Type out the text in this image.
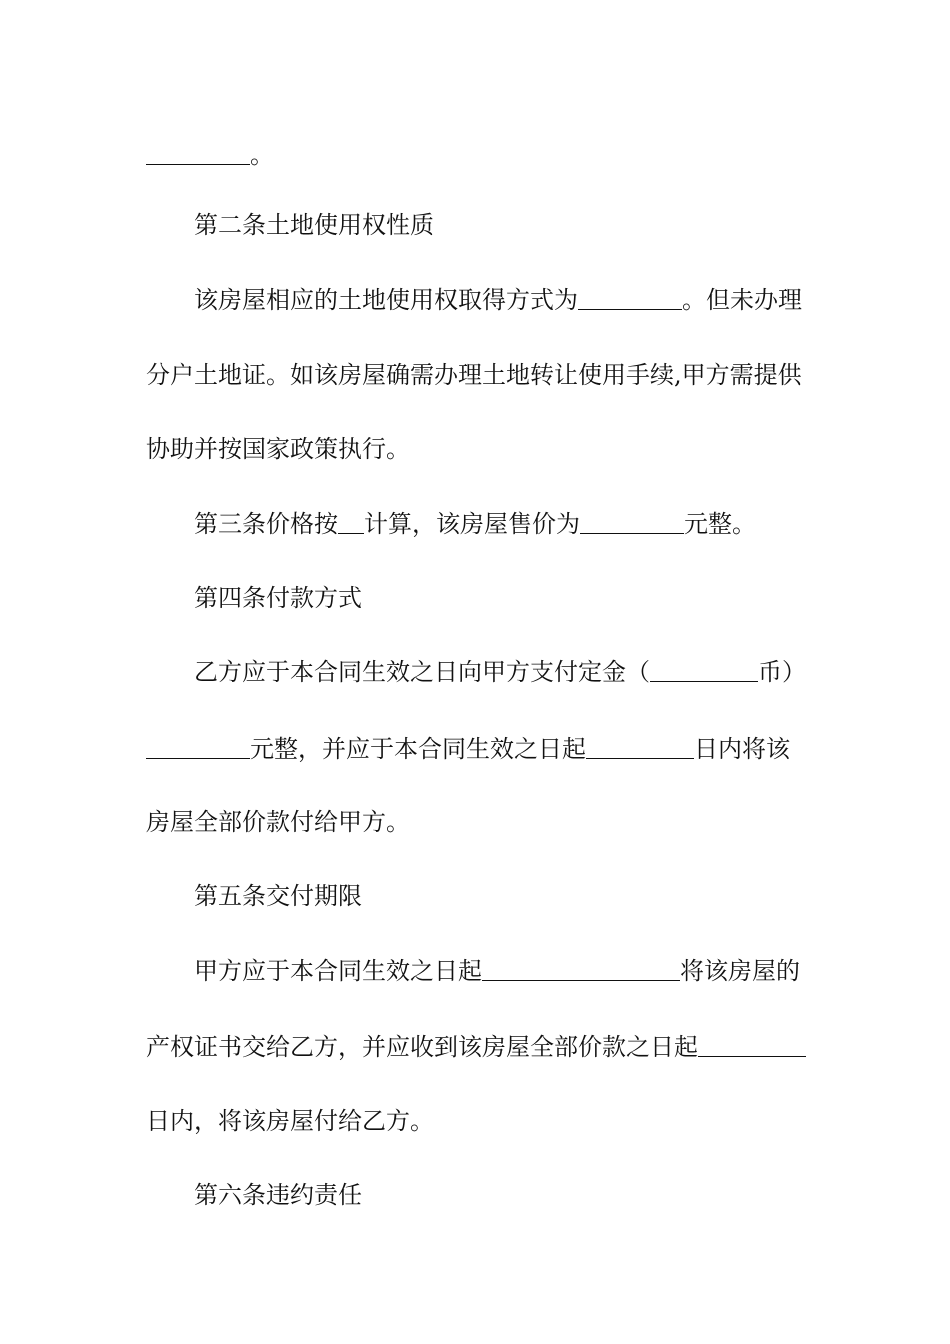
。
第二条土地使用权性质
该房屋相应的土地使用权取得方式为	。但未办理
分户土地证。如该房屋确需办理土地转让使用手续,甲方需提供
协助并按国家政策执行。
第三条价格按 计算，该房屋售价为	元整。
第四条付款方式
乙方应于本合同生效之日向甲方支付定金（	币）
元整，并应于本合同生效之日起	日内将该
房屋全部价款付给甲方。
第五条交付期限
甲方应于本合同生效之日起	将该房屋的
产权证书交给乙方，并应收到该房屋全部价款之日起
日内，将该房屋付给乙方。
第六条违约责任
